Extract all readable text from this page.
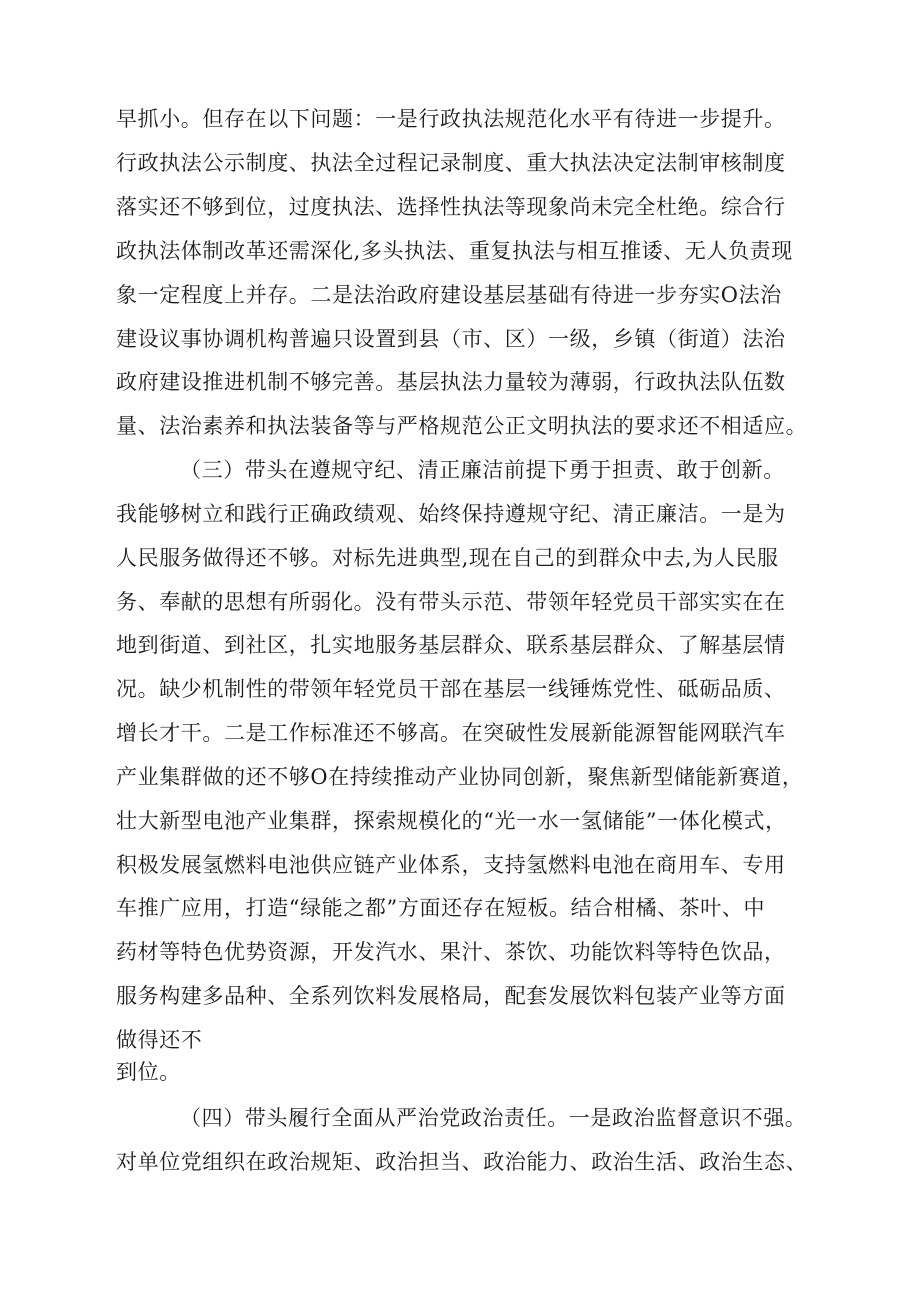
早抓小。但存在以下问题：一是行政执法规范化水平有待进一步提升。
行政执法公示制度、执法全过程记录制度、重大执法决定法制审核制度
落实还不够到位，过度执法、选择性执法等现象尚未完全杜绝。综合行
政执法体制改革还需深化,多头执法、重复执法与相互推诿、无人负责现
象一定程度上并存。二是法治政府建设基层基础有待进一步夯实O法治
建设议事协调机构普遍只设置到县（市、区）一级，乡镇（街道）法治
政府建设推进机制不够完善。基层执法力量较为薄弱，行政执法队伍数
量、法治素养和执法装备等与严格规范公正文明执法的要求还不相适应。
（三）带头在遵规守纪、清正廉洁前提下勇于担责、敢于创新。
我能够树立和践行正确政绩观、始终保持遵规守纪、清正廉洁。一是为
人民服务做得还不够。对标先进典型,现在自己的到群众中去,为人民服
务、奉献的思想有所弱化。没有带头示范、带领年轻党员干部实实在在
地到街道、到社区，扎实地服务基层群众、联系基层群众、了解基层情
况。缺少机制性的带领年轻党员干部在基层一线锤炼党性、砥砺品质、
增长才干。二是工作标准还不够高。在突破性发展新能源智能网联汽车
产业集群做的还不够O在持续推动产业协同创新，聚焦新型储能新赛道，
壮大新型电池产业集群，探索规模化的“光一水一氢储能”一体化模式，
积极发展氢燃料电池供应链产业体系，支持氢燃料电池在商用车、专用
车推广应用，打造“绿能之都”方面还存在短板。结合柑橘、茶叶、中
药材等特色优势资源，开发汽水、果汁、茶饮、功能饮料等特色饮品，
服务构建多品种、全系列饮料发展格局，配套发展饮料包装产业等方面
做得还不
到位。
（四）带头履行全面从严治党政治责任。一是政治监督意识不强。
对单位党组织在政治规矩、政治担当、政治能力、政治生活、政治生态、
